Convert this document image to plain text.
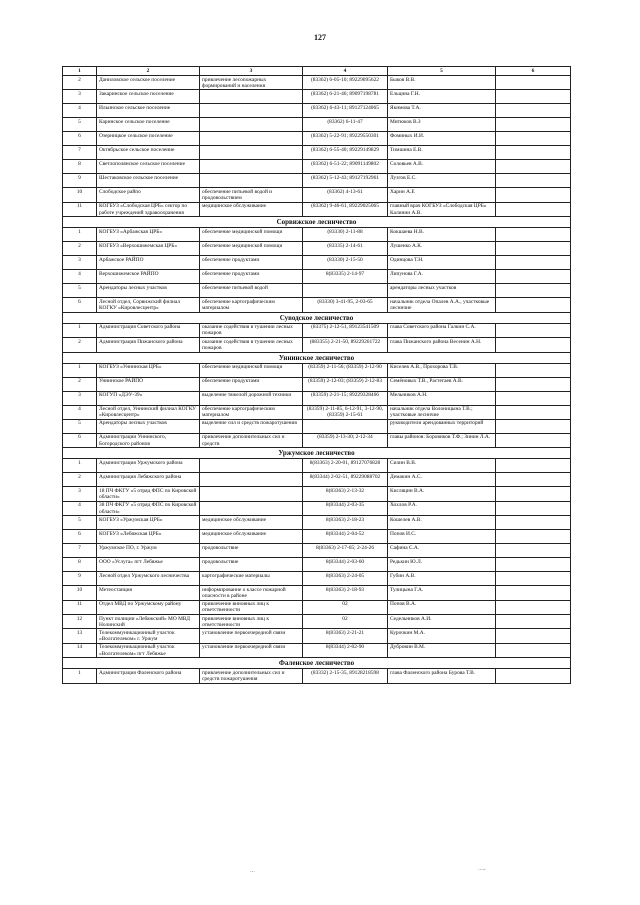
127
1	2	3	4	5	6
2	Даниловское сельское поселение	привлечение лесопожарных формирований и населения	(83362) 6-05-10; 89229095622	Быков В.В.	
3	Закаринское сельское поселение		(83362) 6-21-46; 89097198781	Ельцина Г.Н.	
4	Ильинское сельское поселение		(83362) 6-43-11; 89127124065	Якимова Т.А.	
5	Каринское сельское поселение		(83362) 6-11-47	Митюков В.З	
6	Озерницкое сельское поселение		(83362) 5-22-91; 89229550301	Фоминых И.И.	
7	Октябрьское сельское поселение		(83362) 6-55-40; 89229149829	Тимшина Е.В.	
8	Светлополянское сельское поселение		(83362) 6-51-22; 89091149802	Соловьев А.В.	
9	Шестаковское сельское поселение		(83362) 5-12-43; 89127192961	Лузгов Е.С.	
10	Слободское райпо	обеспечение питьевой водой и продовольствием	(83362) 4-13-61	Харин А.Е	
11	КОГБУЗ «Слободская ЦРБ» сектор по работе учреждений здравоохранения	медицинское обслуживание	(83362) 9-46-61, 89229025065	главный врач КОГБУЗ «Слободская ЦРБ» Калинин А.В.	
Сорвижское лесничество					
1	КОГБУЗ «Арбажская ЦРБ»	обеспечение медицинской помощи	(83330) 2-11-88	Кокшаева Н.В.	
2	КОГБУЗ «Верхошижемская ЦРБ»	обеспечение медицинской помощи	(83335) 2-14-61	Лушенко А.К.	
3	Арбажское РАЙПО	обеспечение продуктами	(83330) 2-15-50	Одинцова Т.Н.	
4	Верхошижемское РАЙПО	обеспечение продуктами	8(83335) 2-14-97	Липунова Г.А.	
5	Арендаторы лесных участков	обеспечение питьевой водой		арендаторы лесных участков	
6	Лесной отдел, Сорвижский филиал КОГКУ «Кировлесцентр»	обеспечение картографическим материалом	(83330) 3-41-95, 2-03-65	начальник отдела Опалев А.А., участковые лесничие	
Суводское лесничество					
1	Администрация Советского района	оказание содействия в тушении лесных пожаров	(83375) 2-12-51, 89123541509	глава Советского района Галкин С.А.	
2	Администрация Пижанского района	оказание содействия в тушении лесных пожаров	(883355) 2-21-50, 89229261722	глава Пижанского района Весенин А.Н.	
Уннинское лесничество					
1	КОГБУЗ «Уннинская ЦРБ»	обеспечение медицинской помощи	(83359) 2-11-56; (83359) 2-12-90	Киселев А.В., Прохорова Т.В.	
2	Уннинское РАЙПО	обеспечение продуктами	(83359) 2-12-03; (83359) 2-12-83	Семёновых Т.В., Растегаев А.В.	
3	КОГУП «ДЭУ-39»	выделение тяжелой дорожной техники	(83359) 2-21-15; 89229328466	Мельников А.Н.	
4	Лесной отдел, Уннинский филиал КОГКУ «Кировлесцентр»	обеспечение картографическим материалом	(83359) 2-11-85, 6-12-91, 3-12-90, (83359) 2-15-61	начальник отдела Волоницына Т.В.; участковые лесничие	
5	Арендаторы лесных участков	выделение сил и средств пожаротушения		руководители арендованных территорий	
6	Администрации Уннинского, Богородского районов	привлечение дополнительных сил и средств	(83359) 2-13-30; 2-12-34	главы районов: Боровиков Т.Ф.; Зинин Л.А.	
Уржумское лесничество					
1	Администрация Уржумского района		8(83363) 2-20-01, 89127076828	Силин В.В.	
2	Администрация Лебяжского района		8(83344) 2-02-51, 89229088702	Демакин А.С.	
3	18 ПЧ ФКГУ «5 отряд ФПС по Кировской области»		8(83363) 2-13-32	Кисляцин В.А.	
4	38 ПЧ ФКГУ «5 отряд ФПС по Кировской области»		8(83344) 2-03-35	Хохлов Р.А.	
5	КОГБУЗ «Уржумская ЦРБ»	медицинское обслуживание	8(83363) 2-18-23	Кошелев А.В.	
6	КОГБУЗ «Лебяжская ЦРБ»	медицинское обслуживание	8(83344) 2-04-52	Попов И.С.	
7	Уржумское ПО, г. Уржум	продовольствие	8(83363) 2-17-65; 2-24-26	Сафина С.А.	
8	ООО «Услуга» пгт Лебяжье	продовольствие	8(83344) 2-03-60	Редькин Ю.Л.	
9	Лесной отдел Уржумского лесничества	картографические материалы	8(83363) 2-24-05	Губин А.В.	
10	Метеостанция	информирование о классе пожарной опасности в районе	8(83363) 2-18-93	Тулицына Г.А.	
11	Отдел МВД по Уржумскому району	привлечение виновных лиц к ответственности	02	Попов В.А.	
12	Пункт полиции «Лебяжский» МО МВД Нолинский	привлечение виновных лиц к ответственности	02	Седельников А.И.	
13	Телекоммуникационный участок «Волгателеком» г. Уржум	установление первоочередной связи	8(83363) 2-21-21	Курочкин М.А.	
14	Телекоммуникационный участок «Волгателеком» пгт Лебяжье	установление первоочередной связи	8(83344) 2-02-90	Дубровин В.М.	
Фаленское лесничество					
1	Администрация Фаленского района	привлечение дополнительных сил и средств пожаротушения	(83332) 2-15-35, 89128218598	глава Фаленского района Бурова Т.В.	
·-·	·-·~
